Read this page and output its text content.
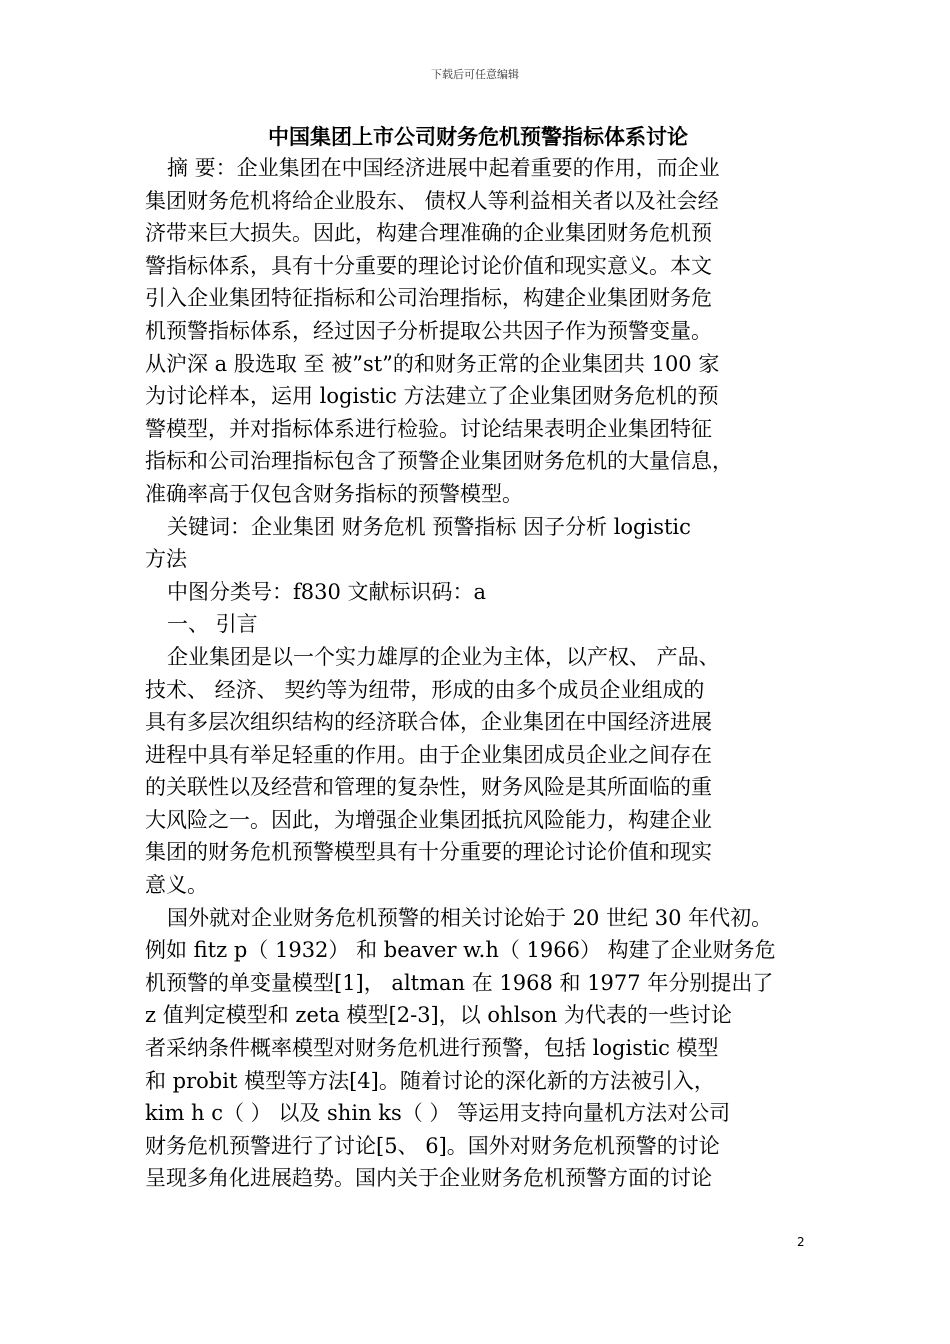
下载后可任意编辑
中国集团上市公司财务危机预警指标体系讨论
摘 要：企业集团在中国经济进展中起着重要的作用，而企业
集团财务危机将给企业股东、 债权人等利益相关者以及社会经
济带来巨大损失。因此，构建合理准确的企业集团财务危机预
警指标体系，具有十分重要的理论讨论价值和现实意义。本文
引入企业集团特征指标和公司治理指标，构建企业集团财务危
机预警指标体系，经过因子分析提取公共因子作为预警变量。
从沪深 a 股选取 至 被”st”的和财务正常的企业集团共 100 家
为讨论样本，运用 logistic 方法建立了企业集团财务危机的预
警模型，并对指标体系进行检验。讨论结果表明企业集团特征
指标和公司治理指标包含了预警企业集团财务危机的大量信息，
准确率高于仅包含财务指标的预警模型。
关键词：企业集团 财务危机 预警指标 因子分析 logistic
方法
中图分类号：f830 文献标识码：a
一、 引言
企业集团是以一个实力雄厚的企业为主体，以产权、 产品、
技术、 经济、 契约等为纽带，形成的由多个成员企业组成的
具有多层次组织结构的经济联合体，企业集团在中国经济进展
进程中具有举足轻重的作用。由于企业集团成员企业之间存在
的关联性以及经营和管理的复杂性，财务风险是其所面临的重
大风险之一。因此，为增强企业集团抵抗风险能力，构建企业
集团的财务危机预警模型具有十分重要的理论讨论价值和现实
意义。
国外就对企业财务危机预警的相关讨论始于 20 世纪 30 年代初。
例如 fitz p（ 1932） 和 beaver w.h（ 1966） 构建了企业财务危
机预警的单变量模型[1]， altman 在 1968 和 1977 年分别提出了
z 值判定模型和 zeta 模型[2-3]，以 ohlson 为代表的一些讨论
者采纳条件概率模型对财务危机进行预警，包括 logistic 模型
和 probit 模型等方法[4]。随着讨论的深化新的方法被引入，
kim h c（ ） 以及 shin ks（ ） 等运用支持向量机方法对公司
财务危机预警进行了讨论[5、 6]。国外对财务危机预警的讨论
呈现多角化进展趋势。国内关于企业财务危机预警方面的讨论
2
